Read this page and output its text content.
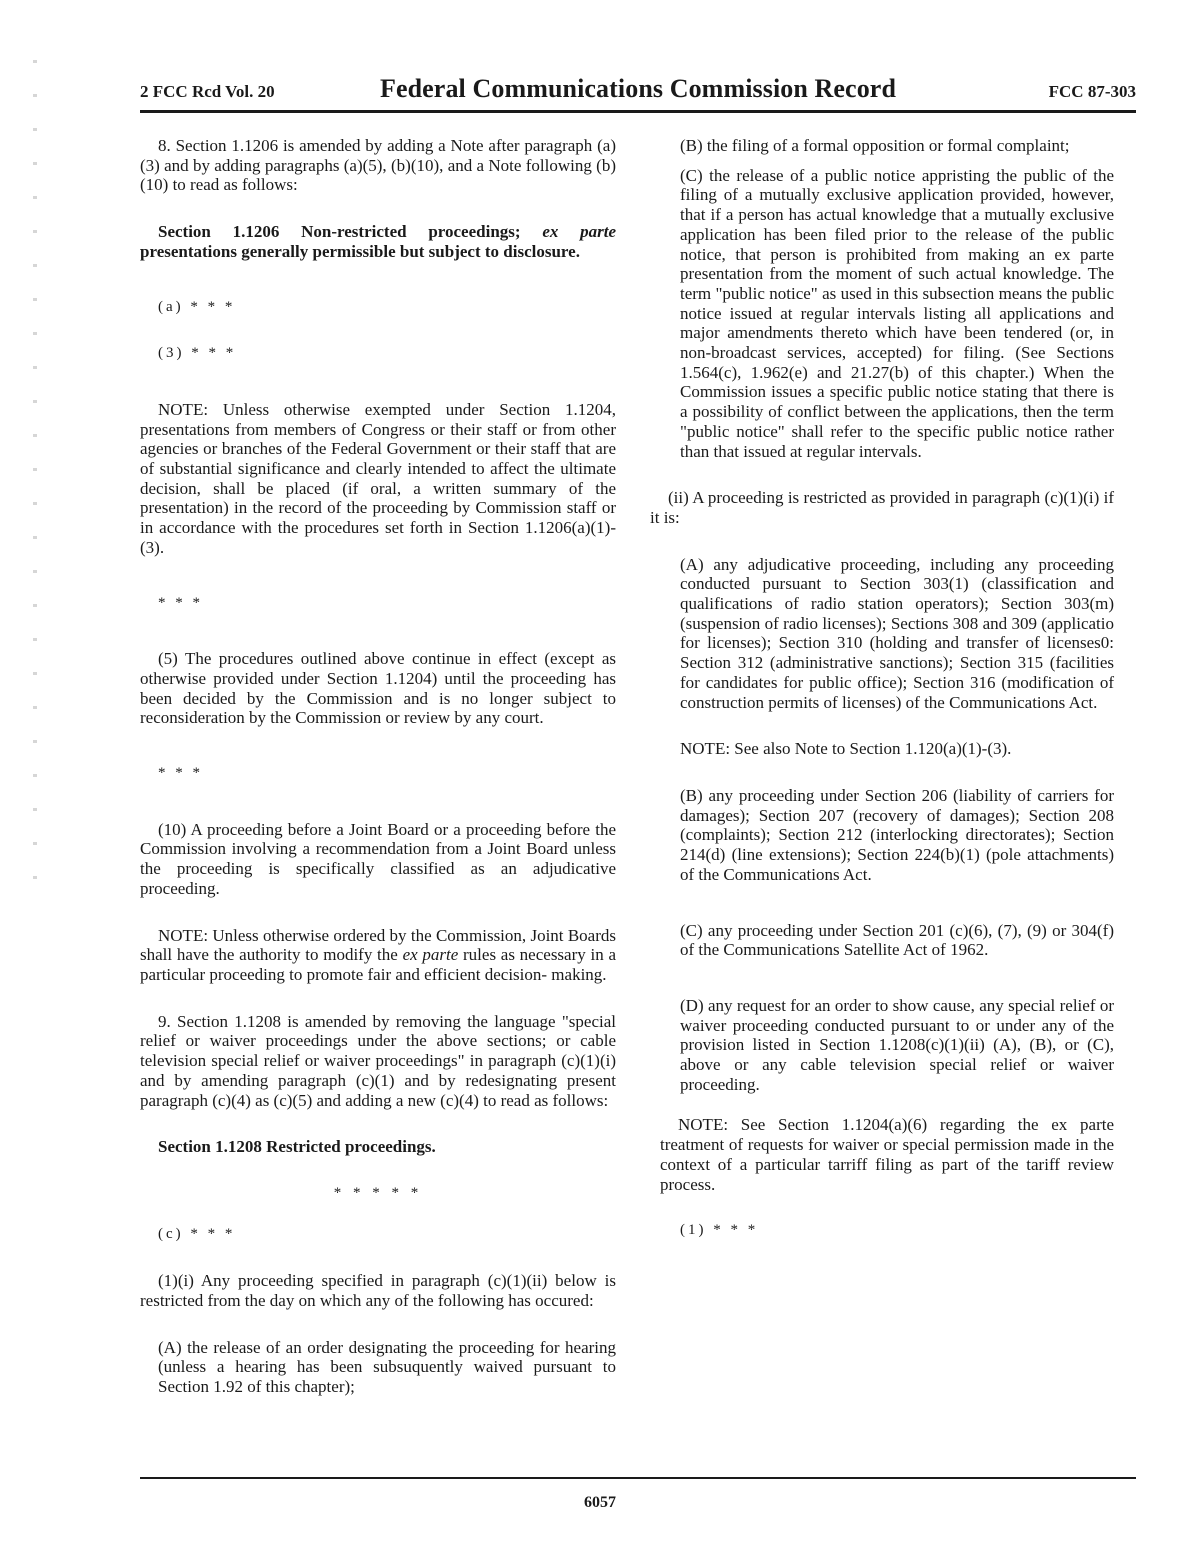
2 FCC Rcd Vol. 20	Federal Communications Commission Record	FCC 87-303

8. Section 1.1206 is amended by adding a Note after paragraph (a)(3) and by adding paragraphs (a)(5), (b)(10), and a Note following (b)(10) to read as follows:

Section 1.1206 Non-restricted proceedings; ex parte presentations generally permissible but subject to disclosure.

(a) * * *

(3) * * *

NOTE: Unless otherwise exempted under Section 1.1204, presentations from members of Congress or their staff or from other agencies or branches of the Federal Government or their staff that are of substantial significance and clearly intended to affect the ultimate decision, shall be placed (if oral, a written summary of the presentation) in the record of the proceeding by Commission staff or in accordance with the procedures set forth in Section 1.1206(a)(1)-(3).

* * *

(5) The procedures outlined above continue in effect (except as otherwise provided under Section 1.1204) until the proceeding has been decided by the Commission and is no longer subject to reconsideration by the Commission or review by any court.

* * *

(10) A proceeding before a Joint Board or a proceeding before the Commission involving a recommendation from a Joint Board unless the proceeding is specifically classified as an adjudicative proceeding.

NOTE: Unless otherwise ordered by the Commission, Joint Boards shall have the authority to modify the ex parte rules as necessary in a particular proceeding to promote fair and efficient decision- making.

9. Section 1.1208 is amended by removing the language "special relief or waiver proceedings under the above sections; or cable television special relief or waiver proceedings" in paragraph (c)(1)(i) and by amending paragraph (c)(1) and by redesignating present paragraph (c)(4) as (c)(5) and adding a new (c)(4) to read as follows:

Section 1.1208 Restricted proceedings.

* * * * *

(c) * * *

(1)(i) Any proceeding specified in paragraph (c)(1)(ii) below is restricted from the day on which any of the following has occured:

(A) the release of an order designating the proceeding for hearing (unless a hearing has been subsuquently waived pursuant to Section 1.92 of this chapter);

(B) the filing of a formal opposition or formal complaint;

(C) the release of a public notice appristing the public of the filing of a mutually exclusive application provided, however, that if a person has actual knowledge that a mutually exclusive application has been filed prior to the release of the public notice, that person is prohibited from making an ex parte presentation from the moment of such actual knowledge. The term "public notice" as used in this subsection means the public notice issued at regular intervals listing all applications and major amendments thereto which have been tendered (or, in non-broadcast services, accepted) for filing. (See Sections 1.564(c), 1.962(e) and 21.27(b) of this chapter.) When the Commission issues a specific public notice stating that there is a possibility of conflict between the applications, then the term "public notice" shall refer to the specific public notice rather than that issued at regular intervals.

(ii) A proceeding is restricted as provided in paragraph (c)(1)(i) if it is:

(A) any adjudicative proceeding, including any proceeding conducted pursuant to Section 303(1) (classification and qualifications of radio station operators); Section 303(m) (suspension of radio licenses); Sections 308 and 309 (applicatio for licenses); Section 310 (holding and transfer of licenses0: Section 312 (administrative sanctions); Section 315 (facilities for candidates for public office); Section 316 (modification of construction permits of licenses) of the Communications Act.

NOTE: See also Note to Section 1.120(a)(1)-(3).

(B) any proceeding under Section 206 (liability of carriers for damages); Section 207 (recovery of damages); Section 208 (complaints); Section 212 (interlocking directorates); Section 214(d) (line extensions); Section 224(b)(1) (pole attachments) of the Communications Act.

(C) any proceeding under Section 201 (c)(6), (7), (9) or 304(f) of the Communications Satellite Act of 1962.

(D) any request for an order to show cause, any special relief or waiver proceeding conducted pursuant to or under any of the provision listed in Section 1.1208(c)(1)(ii) (A), (B), or (C), above or any cable television special relief or waiver proceeding.

NOTE: See Section 1.1204(a)(6) regarding the ex parte treatment of requests for waiver or special permission made in the context of a particular tarriff filing as part of the tariff review process.

(1) * * *

6057
